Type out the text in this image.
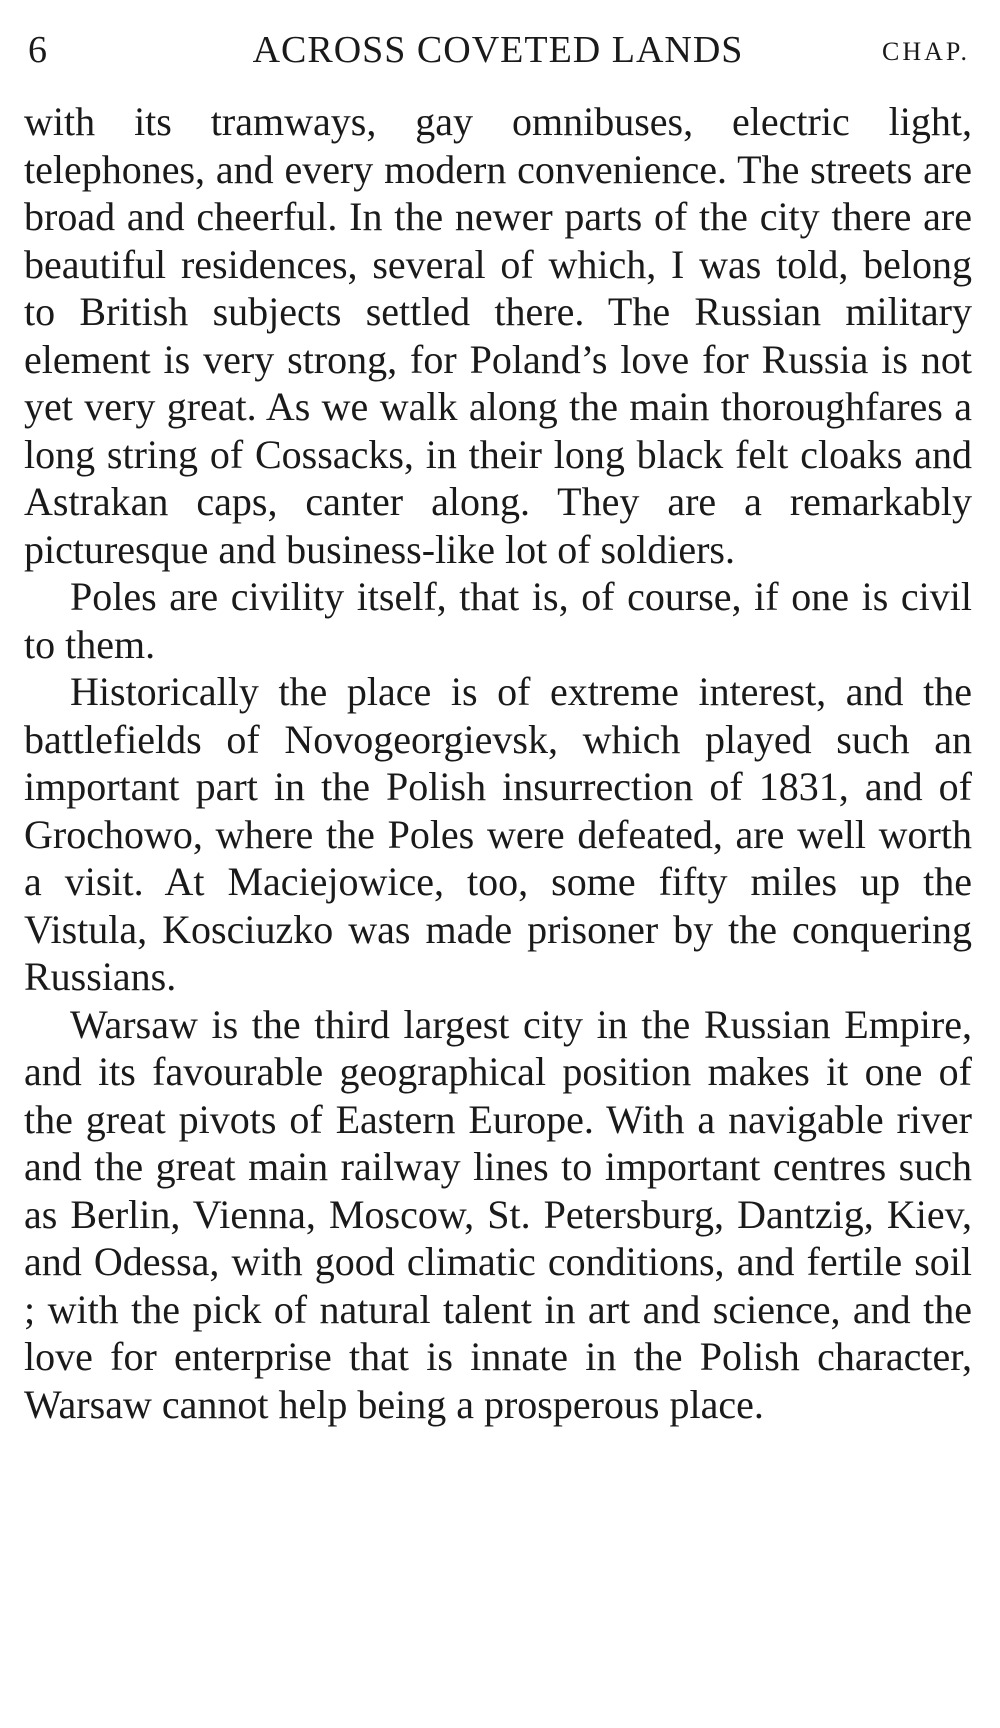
6	ACROSS COVETED LANDS	CHAP.

with its tramways, gay omnibuses, electric light, telephones, and every modern convenience. The streets are broad and cheerful. In the newer parts of the city there are beautiful residences, several of which, I was told, belong to British subjects settled there. The Russian military element is very strong, for Poland’s love for Russia is not yet very great. As we walk along the main thoroughfares a long string of Cossacks, in their long black felt cloaks and Astrakan caps, canter along. They are a remarkably picturesque and business-like lot of soldiers.

Poles are civility itself, that is, of course, if one is civil to them.

Historically the place is of extreme interest, and the battlefields of Novogeorgievsk, which played such an important part in the Polish insurrection of 1831, and of Grochowo, where the Poles were defeated, are well worth a visit. At Maciejowice, too, some fifty miles up the Vistula, Kosciuzko was made prisoner by the conquering Russians.

Warsaw is the third largest city in the Russian Empire, and its favourable geographical position makes it one of the great pivots of Eastern Europe. With a navigable river and the great main railway lines to important centres such as Berlin, Vienna, Moscow, St. Petersburg, Dantzig, Kiev, and Odessa, with good climatic conditions, and fertile soil ; with the pick of natural talent in art and science, and the love for enterprise that is innate in the Polish character, Warsaw cannot help being a prosperous place.
